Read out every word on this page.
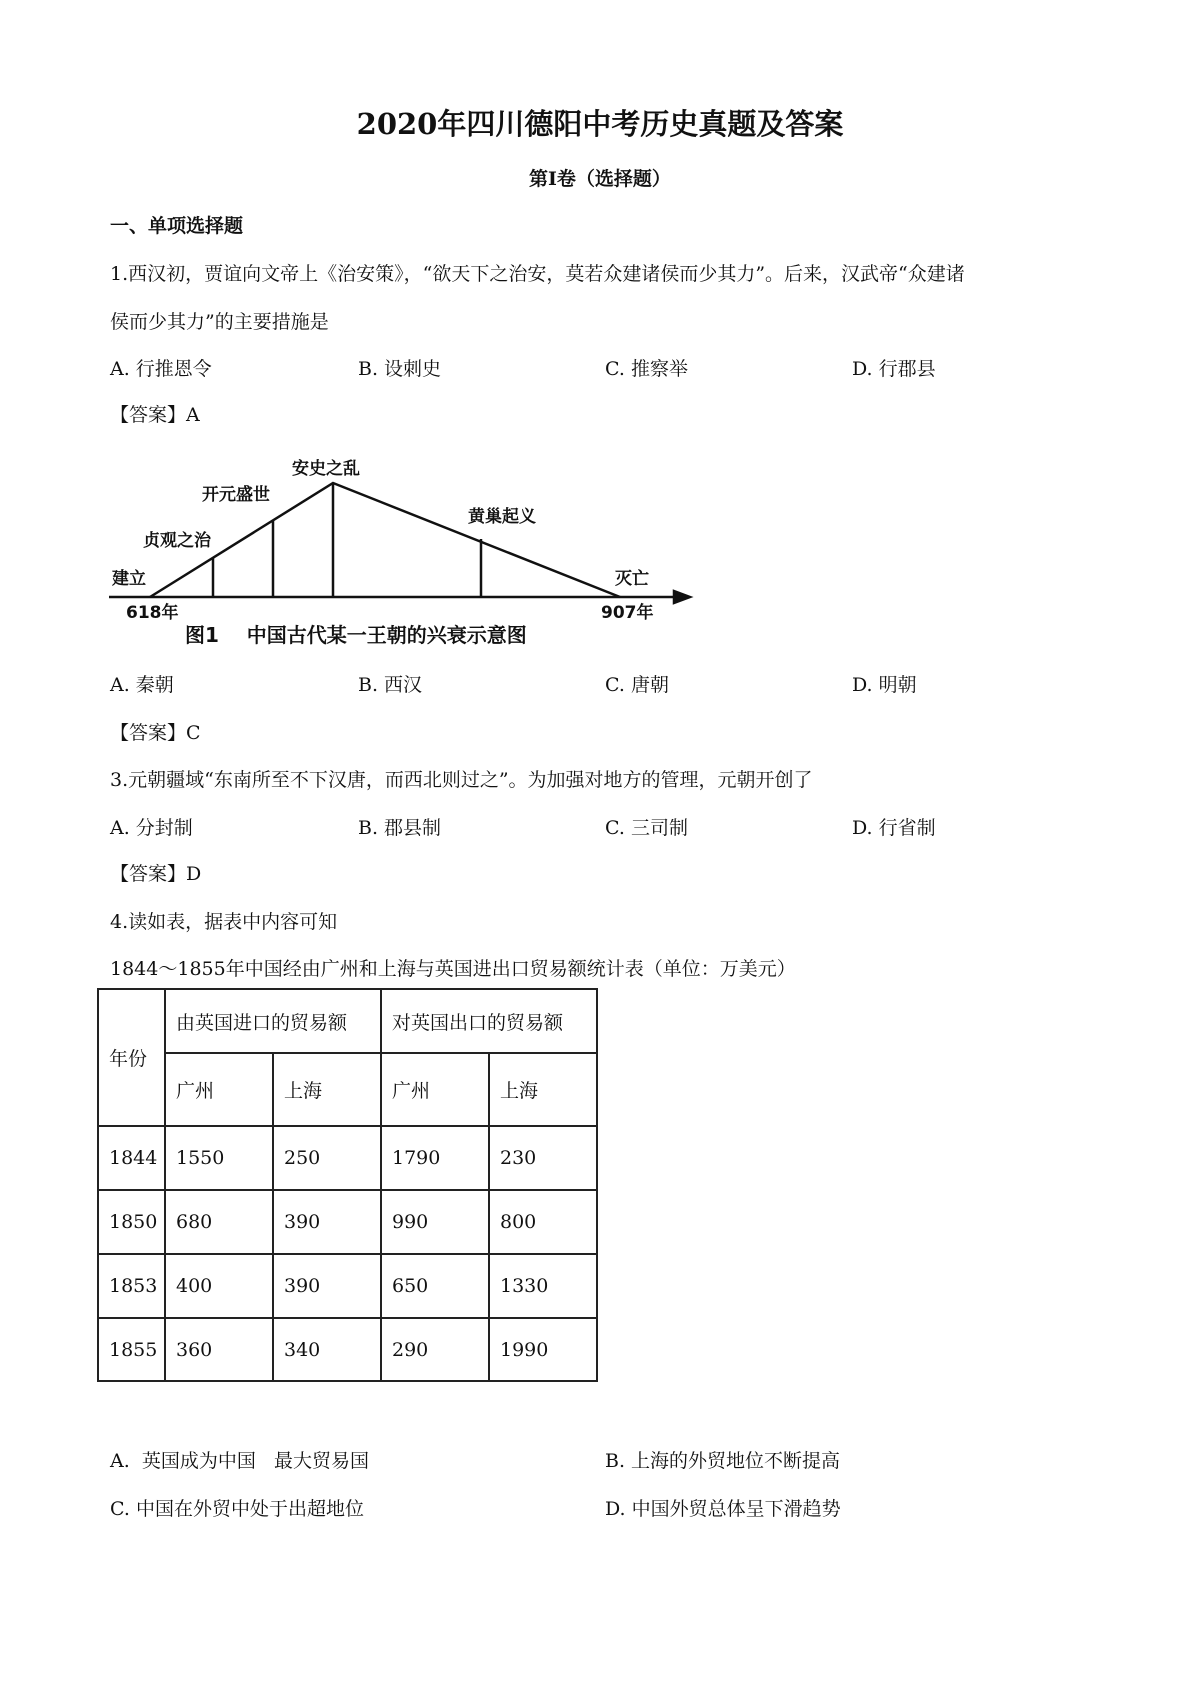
2020年四川德阳中考历史真题及答案
第Ⅰ卷（选择题）
一、单项选择题
1.西汉初，贾谊向文帝上《治安策》，“欲天下之治安，莫若众建诸侯而少其力”。后来，汉武帝“众建诸
侯而少其力”的主要措施是
A. 行推恩令	B. 设刺史	C. 推察举	D. 行郡县
【答案】A
建立
贞观之治
开元盛世
安史之乱
黄巢起义
灭亡
618年	907年
图1    中国古代某一王朝的兴衰示意图
A. 秦朝	B. 西汉	C. 唐朝	D. 明朝
【答案】C
3.元朝疆域“东南所至不下汉唐，而西北则过之”。为加强对地方的管理，元朝开创了
A. 分封制	B. 郡县制	C. 三司制	D. 行省制
【答案】D
4.读如表，据表中内容可知
1844～1855年中国经由广州和上海与英国进出口贸易额统计表（单位：万美元）
年份	由英国进口的贸易额		对英国出口的贸易额	
	广州	上海	广州	上海
1844	1550	250	1790	230
1850	680	390	990	800
1853	400	390	650	1330
1855	360	340	290	1990
A.  英国成为中国   最大贸易国	B. 上海的外贸地位不断提高
C. 中国在外贸中处于出超地位	D. 中国外贸总体呈下滑趋势
